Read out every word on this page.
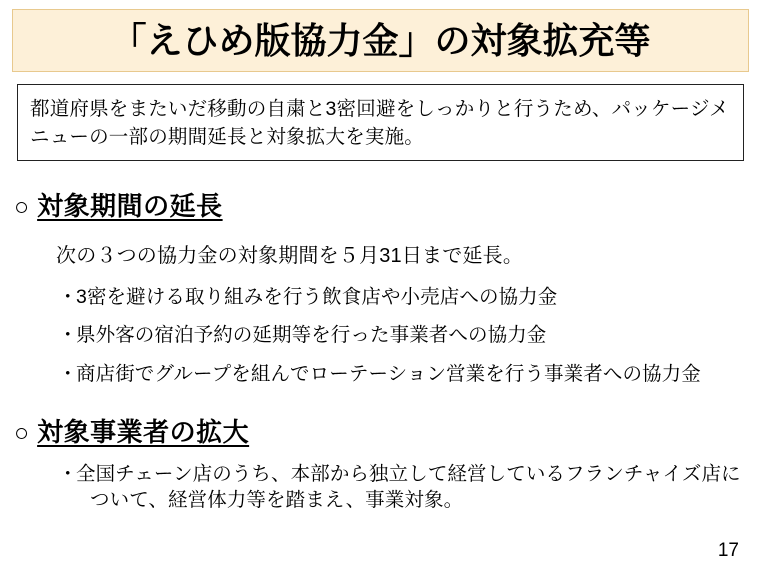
「えひめ版協力金」の対象拡充等
都道府県をまたいだ移動の自粛と3密回避をしっかりと行うため、パッケージメニューの一部の期間延長と対象拡大を実施。
○ 対象期間の延長
次の３つの協力金の対象期間を５月31日まで延長。
・
3密を避ける取り組みを行う飲食店や小売店への協力金
・
県外客の宿泊予約の延期等を行った事業者への協力金
・
商店街でグループを組んでローテーション営業を行う事業者への協力金
○ 対象事業者の拡大
・
全国チェーン店のうち、本部から独立して経営しているフランチャイズ店に
ついて、経営体力等を踏まえ、事業対象。
17
